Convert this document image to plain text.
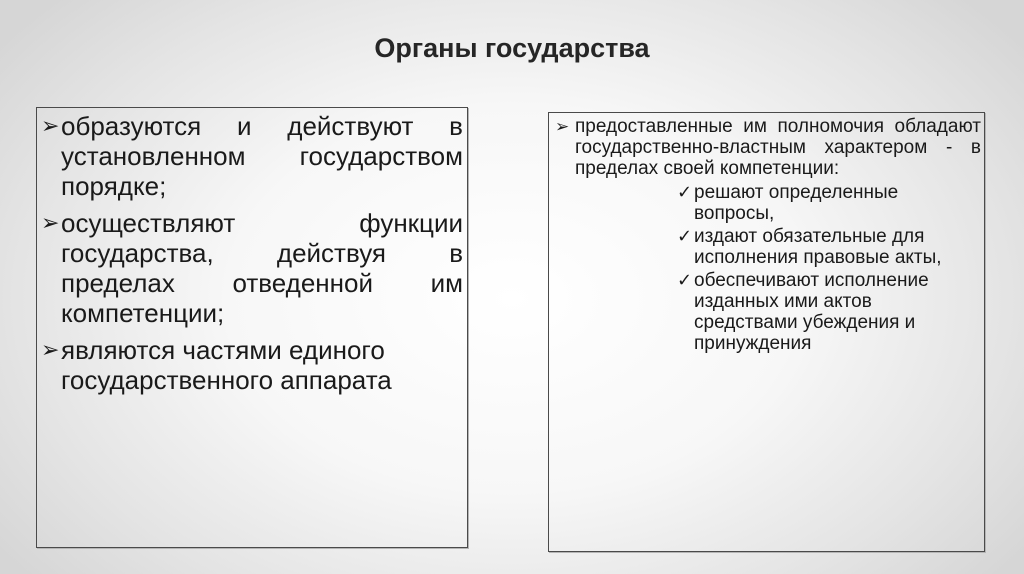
Органы государства

➢ образуются и действуют в установленном государством порядке;

➢ осуществляют функции государства, действуя в пределах отведенной им компетенции;

➢ являются частями единого государственного аппарата

➢ предоставленные им полномочия обладают государственно-властным характером - в пределах своей компетенции:

✓ решают определенные вопросы,
✓ издают обязательные для исполнения правовые акты,
✓ обеспечивают исполнение изданных ими актов средствами убеждения и принуждения
